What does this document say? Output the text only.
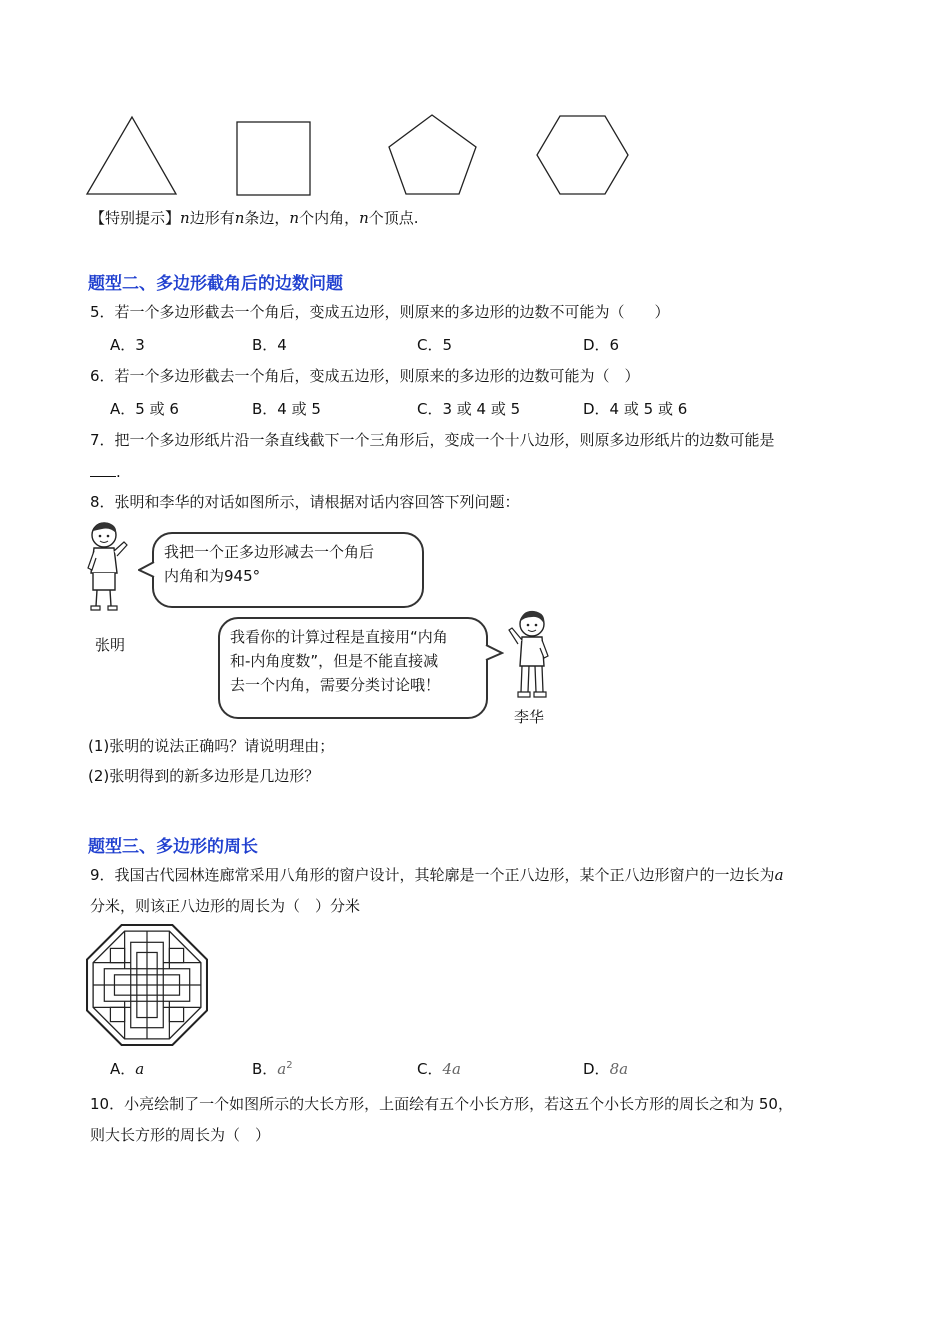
【特别提示】n边形有n条边，n个内角，n个顶点.
题型二、多边形截角后的边数问题
5．若一个多边形截去一个角后，变成五边形，则原来的多边形的边数不可能为（　　）
A．3	B．4	C．5	D．6
6．若一个多边形截去一个角后，变成五边形，则原来的多边形的边数可能为（　）
A．5 或 6	B．4 或 5	C．3 或 4 或 5	D．4 或 5 或 6
7．把一个多边形纸片沿一条直线截下一个三角形后，变成一个十八边形，则原多边形纸片的边数可能是
.
8．张明和李华的对话如图所示，请根据对话内容回答下列问题：
张明
我把一个正多边形减去一个角后
内角和为945°
我看你的计算过程是直接用“内角
和-内角度数”，但是不能直接减
去一个内角，需要分类讨论哦！
李华
(1)张明的说法正确吗？请说明理由；
(2)张明得到的新多边形是几边形？
题型三、多边形的周长
9．我国古代园林连廊常采用八角形的窗户设计，其轮廓是一个正八边形，某个正八边形窗户的一边长为a
分米，则该正八边形的周长为（　）分米
A．a	B．$a^2$	C．4a	D．8a
10．小亮绘制了一个如图所示的大长方形，上面绘有五个小长方形，若这五个小长方形的周长之和为 50，
则大长方形的周长为（　）
